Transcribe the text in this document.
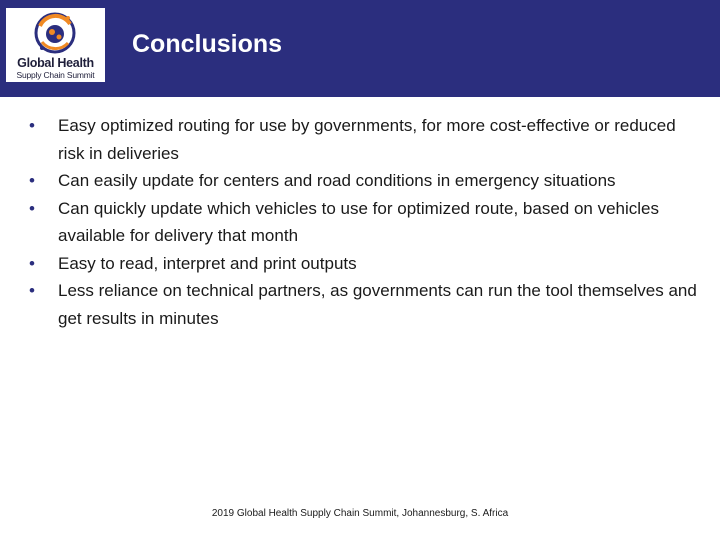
Global Health
Supply Chain Summit
Conclusions
• Easy optimized routing for use by governments, for more cost-effective or reduced risk in deliveries
• Can easily update for centers and road conditions in emergency situations
• Can quickly update which vehicles to use for optimized route, based on vehicles available for delivery that month
• Easy to read, interpret and print outputs
• Less reliance on technical partners, as governments can run the tool themselves and get results in minutes
2019 Global Health Supply Chain Summit, Johannesburg, S. Africa
